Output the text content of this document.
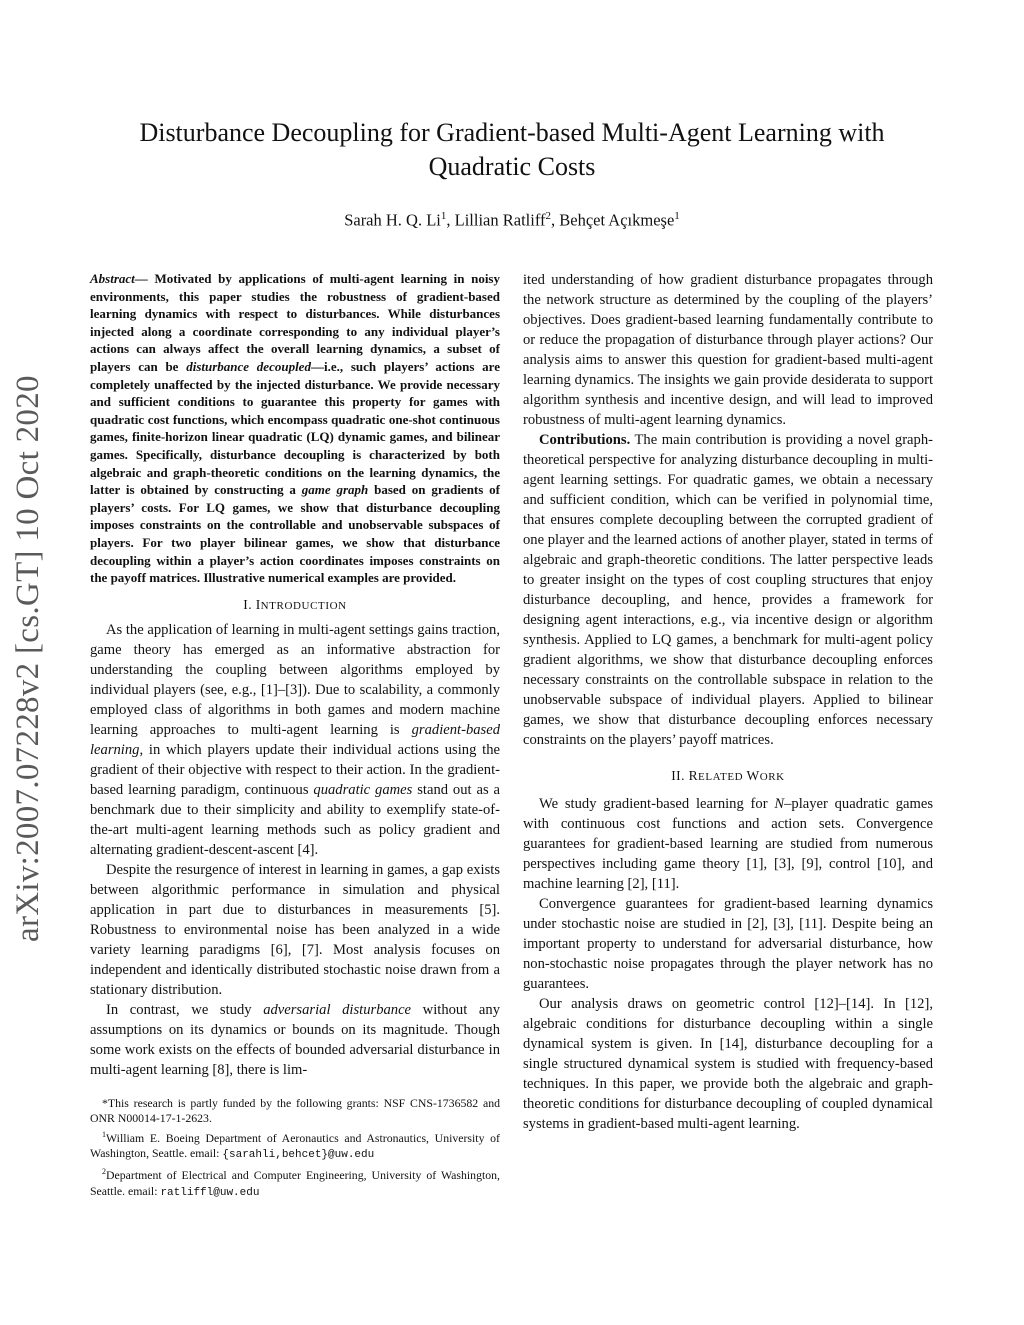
arXiv:2007.07228v2 [cs.GT] 10 Oct 2020
Disturbance Decoupling for Gradient-based Multi-Agent Learning with
Quadratic Costs
Sarah H. Q. Li$^1$, Lillian Ratliff$^2$, Behçet Açıkmeşe$^1$

Abstract— Motivated by applications of multi-agent learning in noisy environments, this paper studies the robustness of gradient-based learning dynamics with respect to disturbances. While disturbances injected along a coordinate corresponding to any individual player’s actions can always affect the overall learning dynamics, a subset of players can be disturbance decoupled—i.e., such players’ actions are completely unaffected by the injected disturbance. We provide necessary and sufficient conditions to guarantee this property for games with quadratic cost functions, which encompass quadratic one-shot continuous games, finite-horizon linear quadratic (LQ) dynamic games, and bilinear games. Specifically, disturbance decoupling is characterized by both algebraic and graph-theoretic conditions on the learning dynamics, the latter is obtained by constructing a game graph based on gradients of players’ costs. For LQ games, we show that disturbance decoupling imposes constraints on the controllable and unobservable subspaces of players. For two player bilinear games, we show that disturbance decoupling within a player’s action coordinates imposes constraints on the payoff matrices. Illustrative numerical examples are provided.

I. INTRODUCTION

As the application of learning in multi-agent settings gains traction, game theory has emerged as an informative abstraction for understanding the coupling between algorithms employed by individual players (see, e.g., [1]–[3]). Due to scalability, a commonly employed class of algorithms in both games and modern machine learning approaches to multi-agent learning is gradient-based learning, in which players update their individual actions using the gradient of their objective with respect to their action. In the gradient-based learning paradigm, continuous quadratic games stand out as a benchmark due to their simplicity and ability to exemplify state-of-the-art multi-agent learning methods such as policy gradient and alternating gradient-descent-ascent [4].

Despite the resurgence of interest in learning in games, a gap exists between algorithmic performance in simulation and physical application in part due to disturbances in measurements [5]. Robustness to environmental noise has been analyzed in a wide variety learning paradigms [6], [7]. Most analysis focuses on independent and identically distributed stochastic noise drawn from a stationary distribution.

In contrast, we study adversarial disturbance without any assumptions on its dynamics or bounds on its magnitude. Though some work exists on the effects of bounded adversarial disturbance in multi-agent learning [8], there is lim-

*This research is partly funded by the following grants: NSF CNS-1736582 and ONR N00014-17-1-2623.

$^1$William E. Boeing Department of Aeronautics and Astronautics, University of Washington, Seattle. email: {sarahli,behcet}@uw.edu

$^2$Department of Electrical and Computer Engineering, University of Washington, Seattle. email: ratliffl@uw.edu

ited understanding of how gradient disturbance propagates through the network structure as determined by the coupling of the players’ objectives. Does gradient-based learning fundamentally contribute to or reduce the propagation of disturbance through player actions? Our analysis aims to answer this question for gradient-based multi-agent learning dynamics. The insights we gain provide desiderata to support algorithm synthesis and incentive design, and will lead to improved robustness of multi-agent learning dynamics.

Contributions. The main contribution is providing a novel graph-theoretical perspective for analyzing disturbance decoupling in multi-agent learning settings. For quadratic games, we obtain a necessary and sufficient condition, which can be verified in polynomial time, that ensures complete decoupling between the corrupted gradient of one player and the learned actions of another player, stated in terms of algebraic and graph-theoretic conditions. The latter perspective leads to greater insight on the types of cost coupling structures that enjoy disturbance decoupling, and hence, provides a framework for designing agent interactions, e.g., via incentive design or algorithm synthesis. Applied to LQ games, a benchmark for multi-agent policy gradient algorithms, we show that disturbance decoupling enforces necessary constraints on the controllable subspace in relation to the unobservable subspace of individual players. Applied to bilinear games, we show that disturbance decoupling enforces necessary constraints on the players’ payoff matrices.

II. RELATED WORK

We study gradient-based learning for N–player quadratic games with continuous cost functions and action sets. Convergence guarantees for gradient-based learning are studied from numerous perspectives including game theory [1], [3], [9], control [10], and machine learning [2], [11].

Convergence guarantees for gradient-based learning dynamics under stochastic noise are studied in [2], [3], [11]. Despite being an important property to understand for adversarial disturbance, how non-stochastic noise propagates through the player network has no guarantees.

Our analysis draws on geometric control [12]–[14]. In [12], algebraic conditions for disturbance decoupling within a single dynamical system is given. In [14], disturbance decoupling for a single structured dynamical system is studied with frequency-based techniques. In this paper, we provide both the algebraic and graph-theoretic conditions for disturbance decoupling of coupled dynamical systems in gradient-based multi-agent learning.
